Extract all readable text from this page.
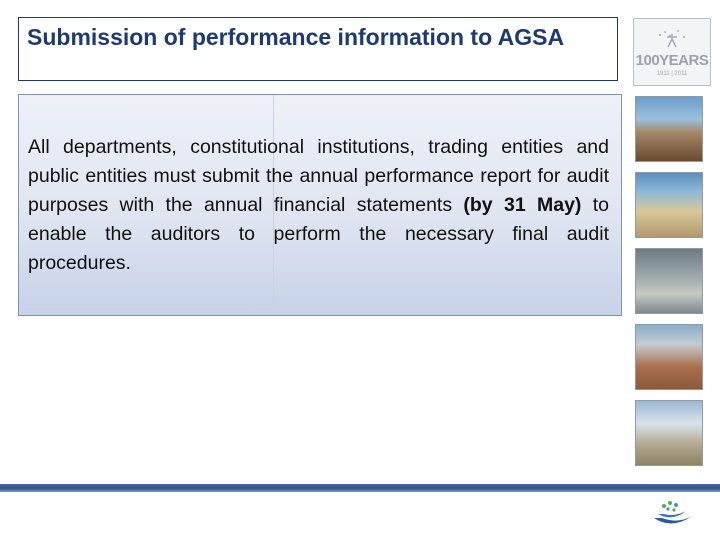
Submission of performance information to AGSA

All departments, constitutional institutions, trading entities and public entities must submit the annual performance report for audit purposes with the annual financial statements (by 31 May) to enable the auditors to perform the necessary final audit procedures.

100YEARS
1911 | 2011
